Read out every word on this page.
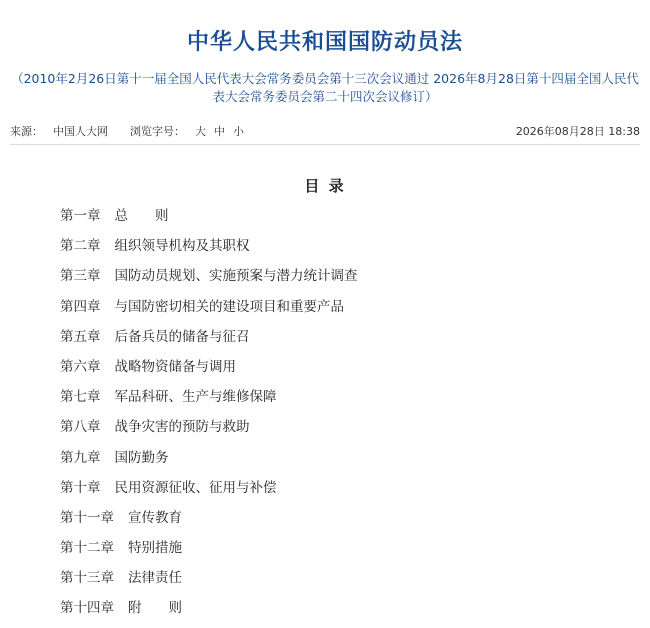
中华人民共和国国防动员法
（2010年2月26日第十一届全国人民代表大会常务委员会第十三次会议通过 2026年8月28日第十四届全国人民代表大会常务委员会第二十四次会议修订）
来源： 中国人大网 浏览字号： 大 中 小	2026年08月28日 18:38
目 录
第一章 总　　则
第二章 组织领导机构及其职权
第三章 国防动员规划、实施预案与潜力统计调查
第四章 与国防密切相关的建设项目和重要产品
第五章 后备兵员的储备与征召
第六章 战略物资储备与调用
第七章 军品科研、生产与维修保障
第八章 战争灾害的预防与救助
第九章 国防勤务
第十章 民用资源征收、征用与补偿
第十一章 宣传教育
第十二章 特别措施
第十三章 法律责任
第十四章 附　　则
